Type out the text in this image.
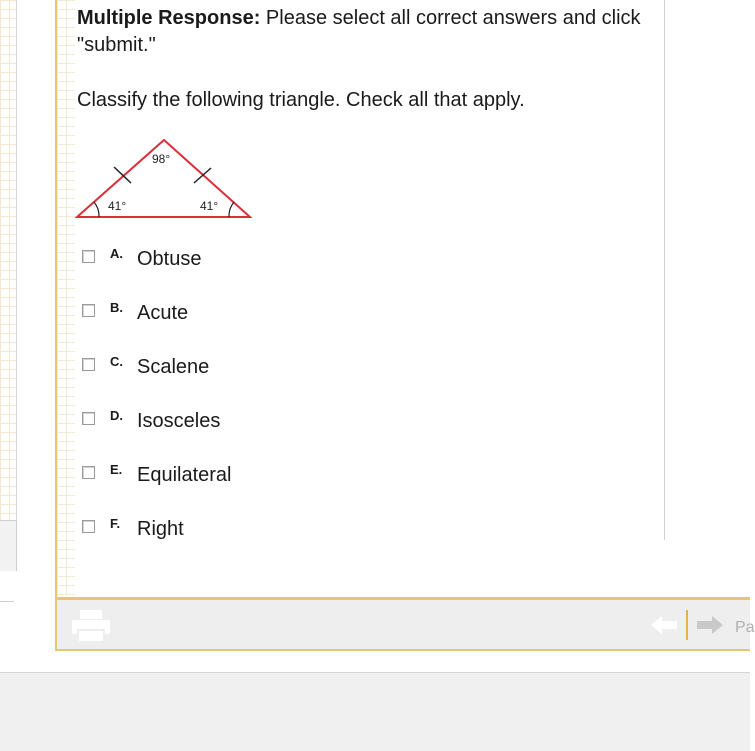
Multiple Response: Please select all correct answers and click "submit."
Classify the following triangle. Check all that apply.
98°
41°	41°
A. Obtuse
B. Acute
C. Scalene
D. Isosceles
E. Equilateral
F. Right
Pa
